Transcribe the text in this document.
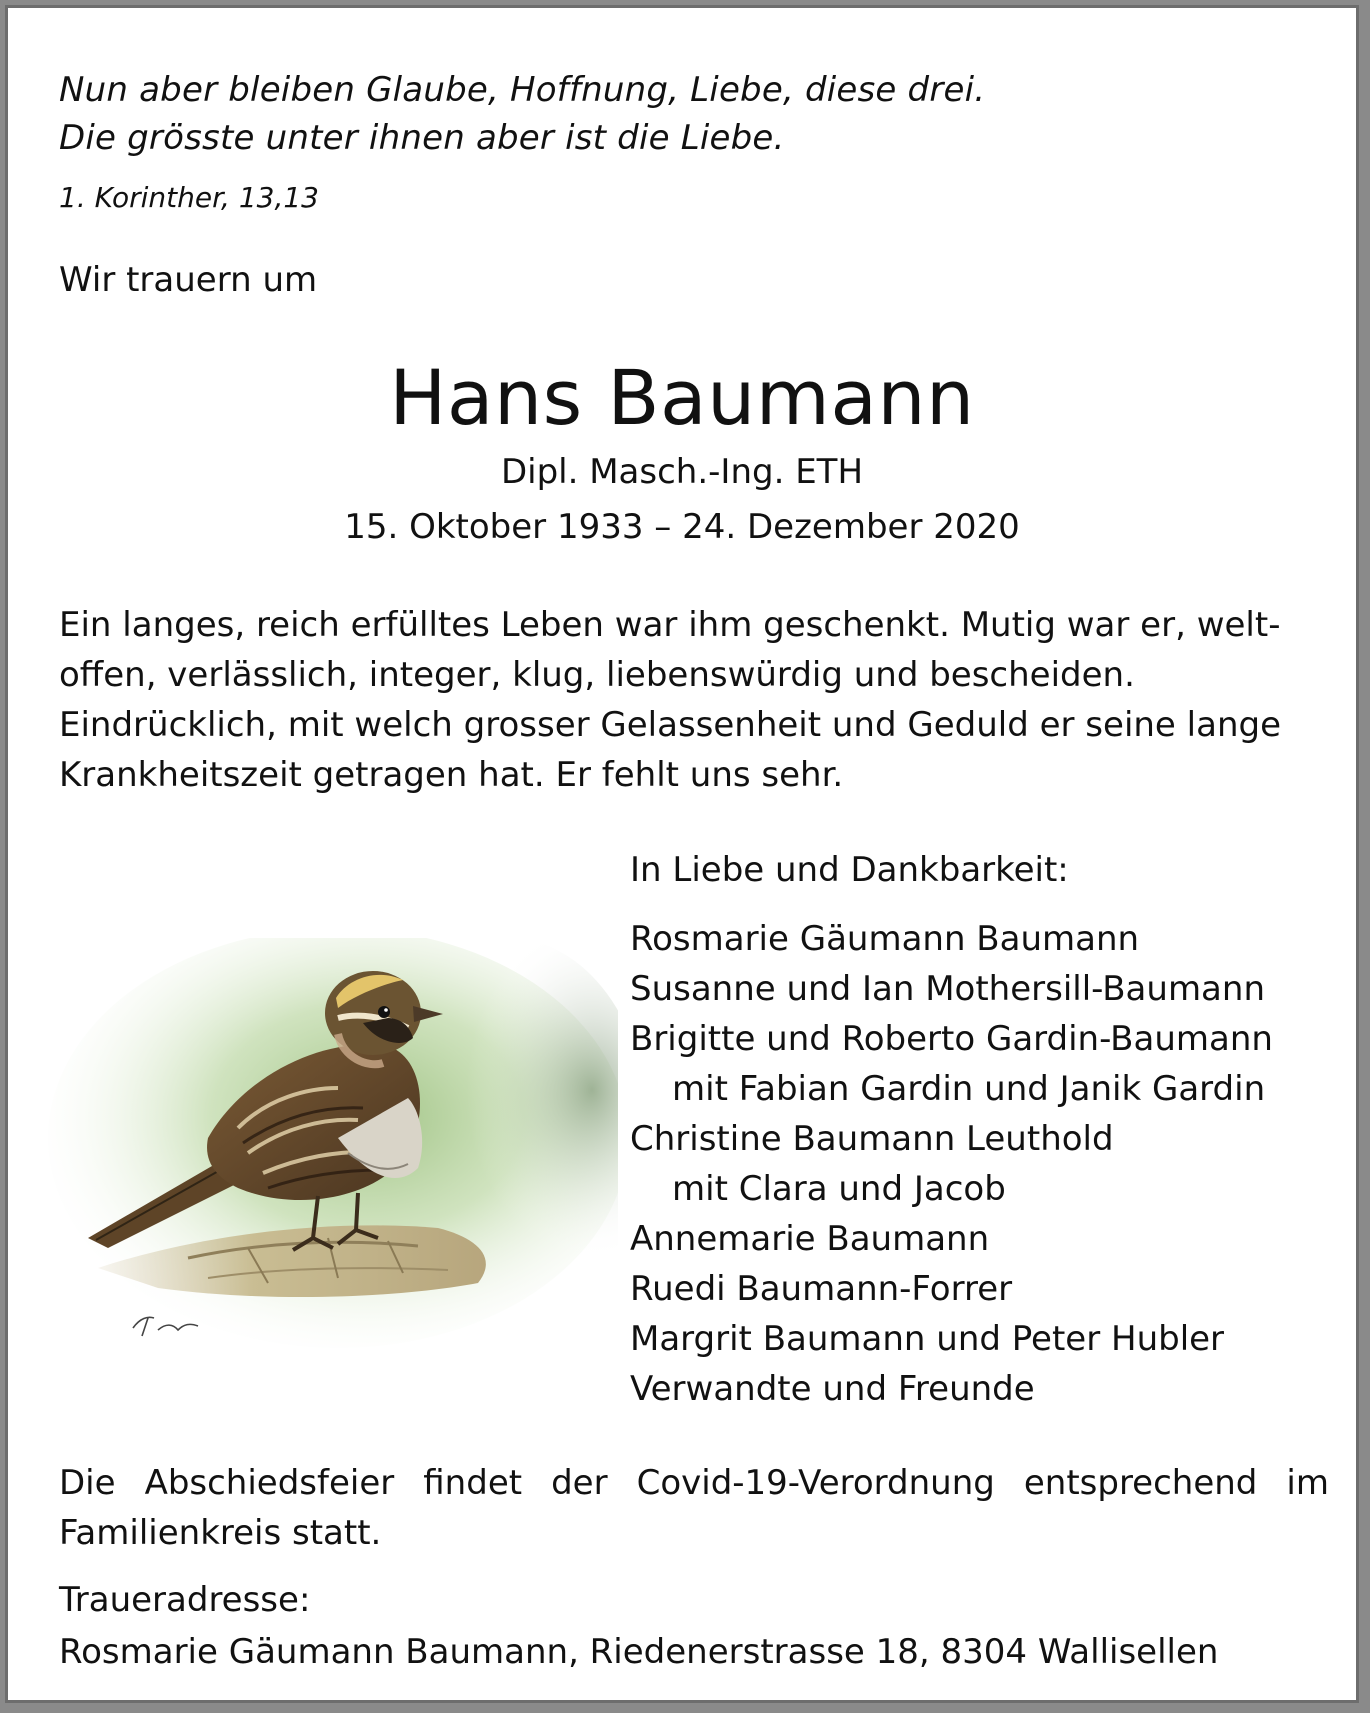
Nun aber bleiben Glaube, Hoffnung, Liebe, diese drei.
Die grösste unter ihnen aber ist die Liebe.
1. Korinther, 13,13
Wir trauern um
Hans Baumann
Dipl. Masch.-Ing. ETH
15. Oktober 1933 – 24. Dezember 2020
Ein langes, reich erfülltes Leben war ihm geschenkt. Mutig war er, welt-
offen, verlässlich, integer, klug, liebenswürdig und bescheiden.
Eindrücklich, mit welch grosser Gelassenheit und Geduld er seine lange
Krankheitszeit getragen hat. Er fehlt uns sehr.
In Liebe und Dankbarkeit:
Rosmarie Gäumann Baumann
Susanne und Ian Mothersill-Baumann
Brigitte und Roberto Gardin-Baumann
mit Fabian Gardin und Janik Gardin
Christine Baumann Leuthold
mit Clara und Jacob
Annemarie Baumann
Ruedi Baumann-Forrer
Margrit Baumann und Peter Hubler
Verwandte und Freunde
Die Abschiedsfeier findet der Covid-19-Verordnung entsprechend im
Familienkreis statt.
Traueradresse:
Rosmarie Gäumann Baumann, Riedenerstrasse 18, 8304 Wallisellen
